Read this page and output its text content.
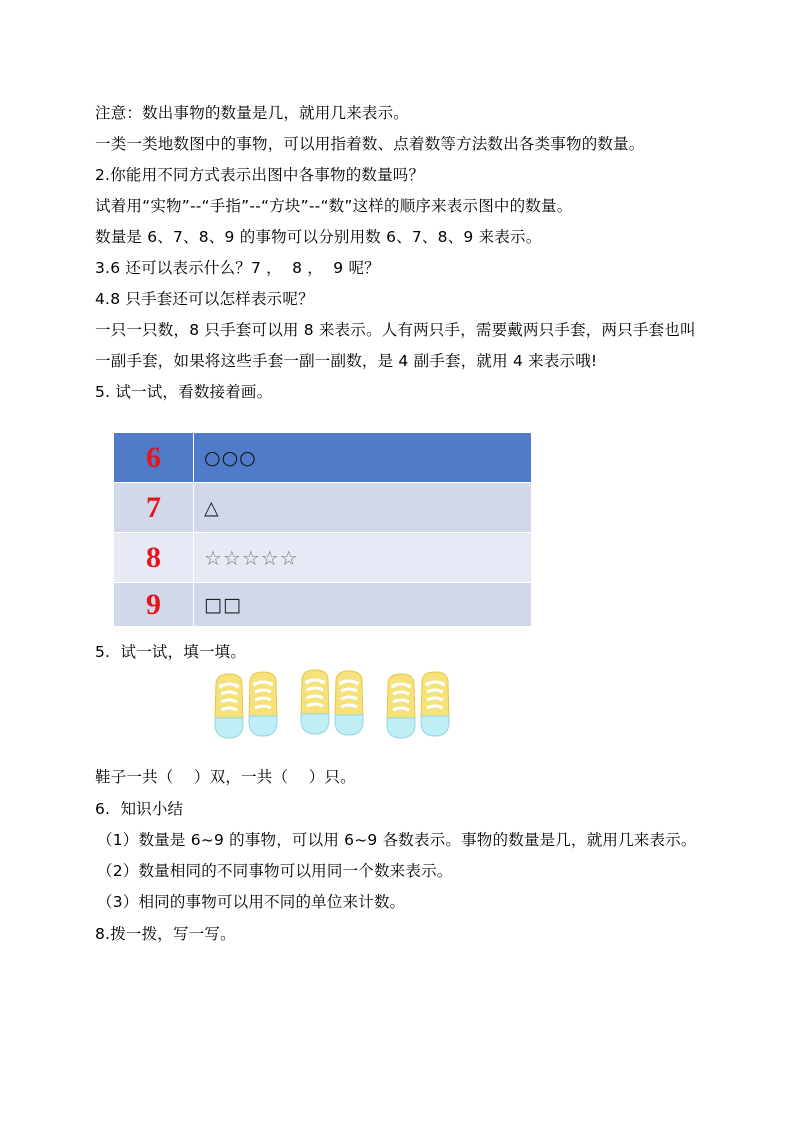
注意：数出事物的数量是几，就用几来表示。
一类一类地数图中的事物，可以用指着数、点着数等方法数出各类事物的数量。
2.你能用不同方式表示出图中各事物的数量吗？
试着用“实物”--“手指”--“方块”--“数”这样的顺序来表示图中的数量。
数量是 6、7、8、9 的事物可以分别用数 6、7、8、9 来表示。
3.6 还可以表示什么？7 ，  8 ，  9 呢？
4.8 只手套还可以怎样表示呢？
一只一只数，8 只手套可以用 8 来表示。人有两只手，需要戴两只手套，两只手套也叫
一副手套，如果将这些手套一副一副数，是 4 副手套，就用 4 来表示哦!
5. 试一试，看数接着画。
6	○○○
7	△
8	☆☆☆☆☆
9	□□
5.  试一试，填一填。
鞋子一共（    ）双，一共（    ）只。
6.  知识小结
（1）数量是 6~9 的事物，可以用 6~9 各数表示。事物的数量是几，就用几来表示。
（2）数量相同的不同事物可以用同一个数来表示。
（3）相同的事物可以用不同的单位来计数。
8.拨一拨，写一写。
